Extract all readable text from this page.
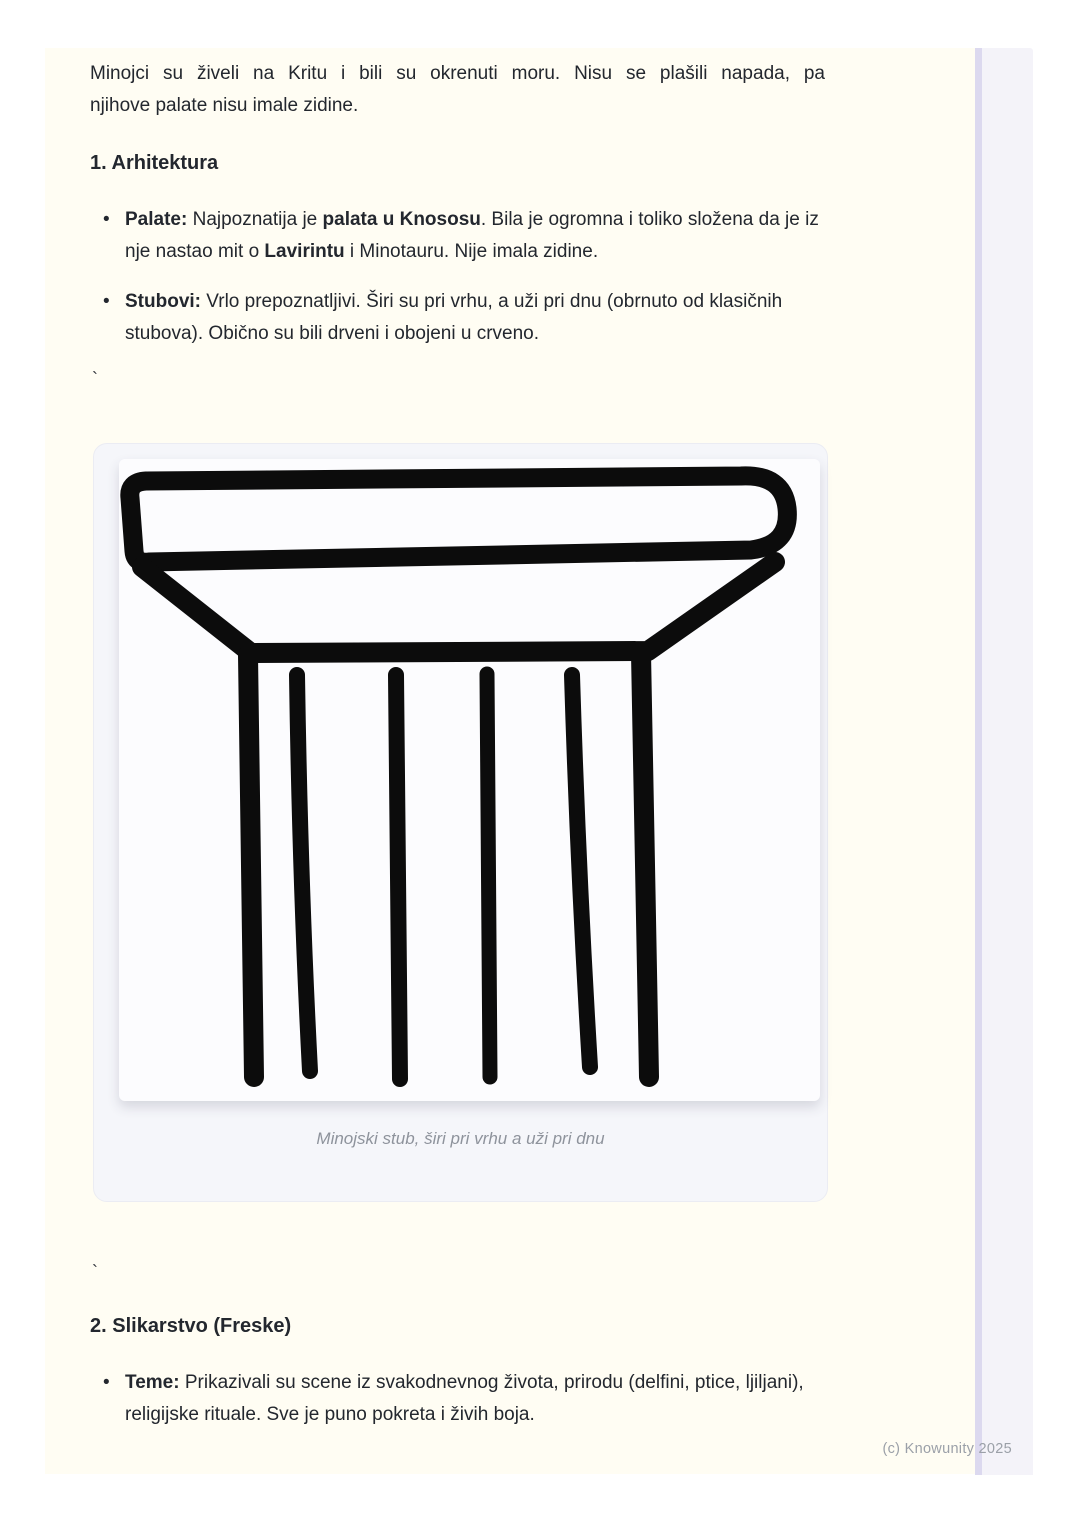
Minojci su živeli na Kritu i bili su okrenuti moru. Nisu se plašili napada, pa
njihove palate nisu imale zidine.
1. Arhitektura
• Palate: Najpoznatija je palata u Knososu. Bila je ogromna i toliko složena da je iz nje nastao mit o Lavirintu i Minotauru. Nije imala zidine.
• Stubovi: Vrlo prepoznatljivi. Širi su pri vrhu, a uži pri dnu (obrnuto od klasičnih stubova). Obično su bili drveni i obojeni u crveno.

`

Minojski stub, širi pri vrhu a uži pri dnu

`

2. Slikarstvo (Freske)
• Teme: Prikazivali su scene iz svakodnevnog života, prirodu (delfini, ptice, ljiljani), religijske rituale. Sve je puno pokreta i živih boja.
(c) Knowunity 2025
